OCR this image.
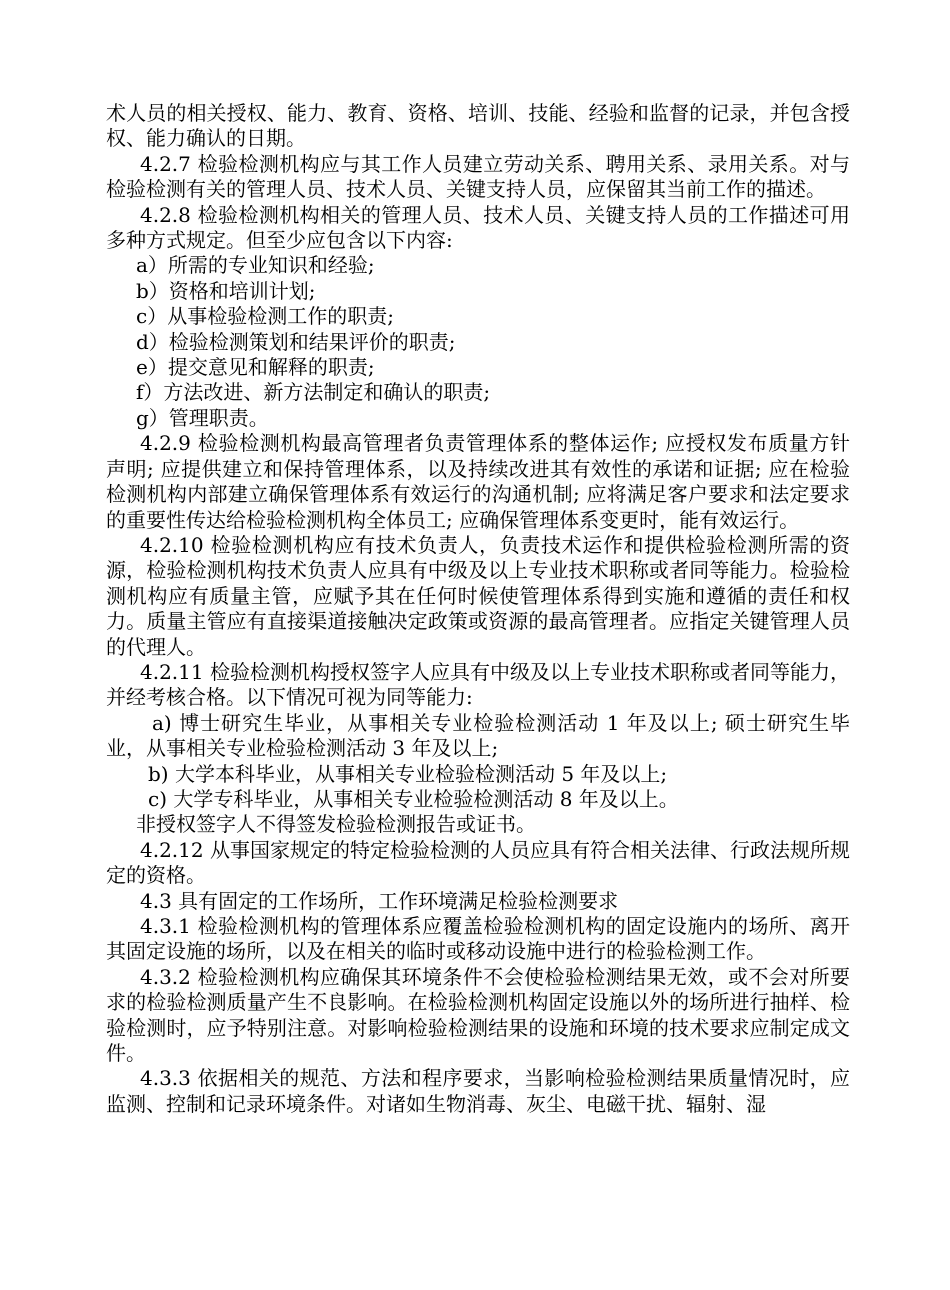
术人员的相关授权、能力、教育、资格、培训、技能、经验和监督的记录，并包含授权、能力确认的日期。

4.2.7 检验检测机构应与其工作人员建立劳动关系、聘用关系、录用关系。对与检验检测有关的管理人员、技术人员、关键支持人员，应保留其当前工作的描述。

4.2.8 检验检测机构相关的管理人员、技术人员、关键支持人员的工作描述可用多种方式规定。但至少应包含以下内容:

a）所需的专业知识和经验;

b）资格和培训计划;

c）从事检验检测工作的职责;

d）检验检测策划和结果评价的职责;

e）提交意见和解释的职责;

f）方法改进、新方法制定和确认的职责;

g）管理职责。

4.2.9 检验检测机构最高管理者负责管理体系的整体运作; 应授权发布质量方针声明; 应提供建立和保持管理体系，以及持续改进其有效性的承诺和证据; 应在检验检测机构内部建立确保管理体系有效运行的沟通机制; 应将满足客户要求和法定要求的重要性传达给检验检测机构全体员工; 应确保管理体系变更时，能有效运行。

4.2.10 检验检测机构应有技术负责人，负责技术运作和提供检验检测所需的资源，检验检测机构技术负责人应具有中级及以上专业技术职称或者同等能力。检验检测机构应有质量主管，应赋予其在任何时候使管理体系得到实施和遵循的责任和权力。质量主管应有直接渠道接触决定政策或资源的最高管理者。应指定关键管理人员的代理人。

4.2.11 检验检测机构授权签字人应具有中级及以上专业技术职称或者同等能力，并经考核合格。以下情况可视为同等能力:

a) 博士研究生毕业，从事相关专业检验检测活动 1 年及以上; 硕士研究生毕业，从事相关专业检验检测活动 3 年及以上;

b) 大学本科毕业，从事相关专业检验检测活动 5 年及以上;

c) 大学专科毕业，从事相关专业检验检测活动 8 年及以上。

非授权签字人不得签发检验检测报告或证书。

4.2.12 从事国家规定的特定检验检测的人员应具有符合相关法律、行政法规所规定的资格。

4.3 具有固定的工作场所，工作环境满足检验检测要求

4.3.1 检验检测机构的管理体系应覆盖检验检测机构的固定设施内的场所、离开其固定设施的场所，以及在相关的临时或移动设施中进行的检验检测工作。

4.3.2 检验检测机构应确保其环境条件不会使检验检测结果无效，或不会对所要求的检验检测质量产生不良影响。在检验检测机构固定设施以外的场所进行抽样、检验检测时，应予特别注意。对影响检验检测结果的设施和环境的技术要求应制定成文件。

4.3.3 依据相关的规范、方法和程序要求，当影响检验检测结果质量情况时，应监测、控制和记录环境条件。对诸如生物消毒、灰尘、电磁干扰、辐射、湿
